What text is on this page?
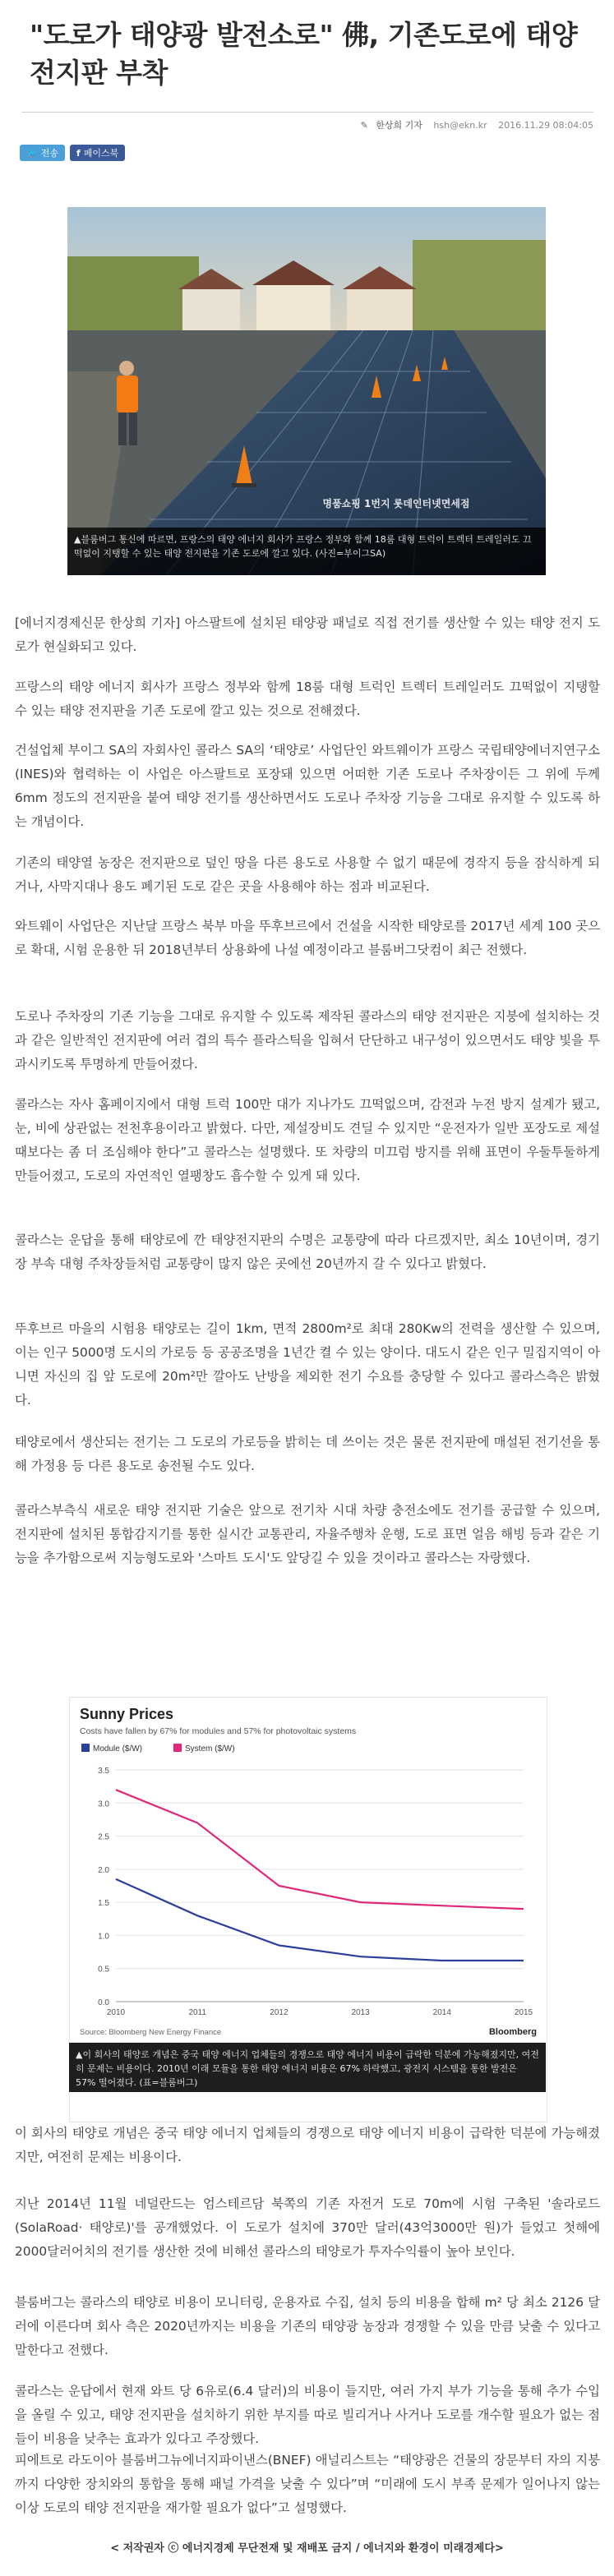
"도로가 태양광 발전소로" 佛, 기존도로에 태양 전지판 부착
✎ 한상희 기자 hsh@ekn.kr 2016.11.29 08:04:05
🐦 전송 f 페이스북
명품쇼핑 1번지 롯데인터넷면세점
▲블룸버그 통신에 따르면, 프랑스의 태양 에너지 회사가 프랑스 정부와 함께 18룸 대형 트럭이 트렉터 트레일러도 끄떡없이 지탱할 수 있는 태양 전지판을 기존 도로에 깔고 있다. (사진=부이그SA)

[에너지경제신문 한상희 기자] 아스팔트에 설치된 태양광 패널로 직접 전기를 생산할 수 있는 태양 전지 도로가 현실화되고 있다.

프랑스의 태양 에너지 회사가 프랑스 정부와 함께 18룸 대형 트럭인 트렉터 트레일러도 끄떡없이 지탱할 수 있는 태양 전지판을 기존 도로에 깔고 있는 것으로 전해졌다.

건설업체 부이그 SA의 자회사인 콜라스 SA의 ‘태양로’ 사업단인 와트웨이가 프랑스 국립태양에너지연구소(INES)와 협력하는 이 사업은 아스팔트로 포장돼 있으면 어떠한 기존 도로나 주차장이든 그 위에 두께 6mm 정도의 전지판을 붙여 태양 전기를 생산하면서도 도로나 주차장 기능을 그대로 유지할 수 있도록 하는 개념이다.

기존의 태양열 농장은 전지판으로 덮인 땅을 다른 용도로 사용할 수 없기 때문에 경작지 등을 잠식하게 되거나, 사막지대나 용도 폐기된 도로 같은 곳을 사용해야 하는 점과 비교된다.

와트웨이 사업단은 지난달 프랑스 북부 마을 뚜후브르에서 건설을 시작한 태양로를 2017년 세계 100 곳으로 확대, 시험 운용한 뒤 2018년부터 상용화에 나설 예정이라고 블룸버그닷컴이 최근 전했다.

도로나 주차장의 기존 기능을 그대로 유지할 수 있도록 제작된 콜라스의 태양 전지판은 지붕에 설치하는 것과 같은 일반적인 전지판에 여러 겹의 특수 플라스틱을 입혀서 단단하고 내구성이 있으면서도 태양 빛을 투과시키도록 투명하게 만들어졌다.

콜라스는 자사 홈페이지에서 대형 트럭 100만 대가 지나가도 끄떡없으며, 감전과 누전 방지 설계가 됐고, 눈, 비에 상관없는 전천후용이라고 밝혔다. 다만, 제설장비도 견딜 수 있지만 “운전자가 일반 포장도로 제설 때보다는 좀 더 조심해야 한다”고 콜라스는 설명했다. 또 차량의 미끄럼 방지를 위해 표면이 우둘투둘하게 만들어졌고, 도로의 자연적인 열팽창도 흡수할 수 있게 돼 있다.

콜라스는 운답을 통해 태양로에 깐 태양전지판의 수명은 교통량에 따라 다르겠지만, 최소 10년이며, 경기장 부속 대형 주차장들처럼 교통량이 많지 않은 곳에선 20년까지 갈 수 있다고 밝혔다.

뚜후브르 마을의 시험용 태양로는 길이 1km, 면적 2800m²로 최대 280Kw의 전력을 생산할 수 있으며, 이는 인구 5000명 도시의 가로등 등 공공조명을 1년간 켤 수 있는 양이다. 대도시 같은 인구 밀집지역이 아니면 자신의 집 앞 도로에 20m²만 깔아도 난방을 제외한 전기 수요를 충당할 수 있다고 콜라스측은 밝혔다.

태양로에서 생산되는 전기는 그 도로의 가로등을 밝히는 데 쓰이는 것은 물론 전지판에 매설된 전기선을 통해 가정용 등 다른 용도로 송전될 수도 있다.

콜라스부측식 새로운 태양 전지판 기술은 앞으로 전기차 시대 차량 충전소에도 전기를 공급할 수 있으며, 전지판에 설치된 통합감지기를 통한 실시간 교통관리, 자율주행차 운행, 도로 표면 얼음 해빙 등과 같은 기능을 추가함으로써 지능형도로와 '스마트 도시'도 앞당길 수 있을 것이라고 콜라스는 자랑했다.

Sunny Prices
Costs have fallen by 67% for modules and 57% for photovoltaic systems
Module ($/W)	System ($/W)
0.0
0.5
1.0
1.5
2.0
2.5
3.0
3.5
2010	2011	2012	2013	2014	2015
Source: Bloomberg New Energy Finance	Bloomberg
▲이 회사의 태양로 개념은 중국 태양 에너지 업체들의 경쟁으로 태양 에너지 비용이 급락한 덕분에 가능해졌지만, 여전히 문제는 비용이다. 2010년 이래 모듈을 통한 태양 에너지 비용은 67% 하락했고, 광전지 시스템을 통한 발전은 57% 떨어졌다. (표=블룸버그)

이 회사의 태양로 개념은 중국 태양 에너지 업체들의 경쟁으로 태양 에너지 비용이 급락한 덕분에 가능해졌지만, 여전히 문제는 비용이다.

지난 2014년 11월 네덜란드는 엄스테르담 북쪽의 기존 자전거 도로 70m에 시험 구축된 '솔라로드(SolaRoad· 태양로)'를 공개했었다. 이 도로가 설치에 370만 달러(43억3000만 원)가 들었고 첫해에 2000달러어치의 전기를 생산한 것에 비해선 콜라스의 태양로가 투자수익률이 높아 보인다.

블룸버그는 콜라스의 태양로 비용이 모니터링, 운용자료 수집, 설치 등의 비용을 합해 m² 당 최소 2126 달러에 이른다며 회사 측은 2020년까지는 비용을 기존의 태양광 농장과 경쟁할 수 있을 만큼 낮출 수 있다고 말한다고 전했다.

콜라스는 운답에서 현재 와트 당 6유로(6.4 달러)의 비용이 들지만, 여러 가지 부가 기능을 통해 추가 수입을 올릴 수 있고, 태양 전지판을 설치하기 위한 부지를 따로 빌리거나 사거나 도로를 개수할 필요가 없는 점들이 비용을 낮추는 효과가 있다고 주장했다.

피에트로 라도이아 블룸버그뉴에너지파이낸스(BNEF) 애널리스트는 “태양광은 건물의 장문부터 자의 지붕까지 다양한 장치와의 통합을 통해 패널 가격을 낮출 수 있다”며 “미래에 도시 부족 문제가 일어나지 않는 이상 도로의 태양 전지판을 재가할 필요가 없다”고 설명했다.

< 저작권자 ⓒ 에너지경제 무단전재 및 재배포 금지 / 에너지와 환경이 미래경제다>
